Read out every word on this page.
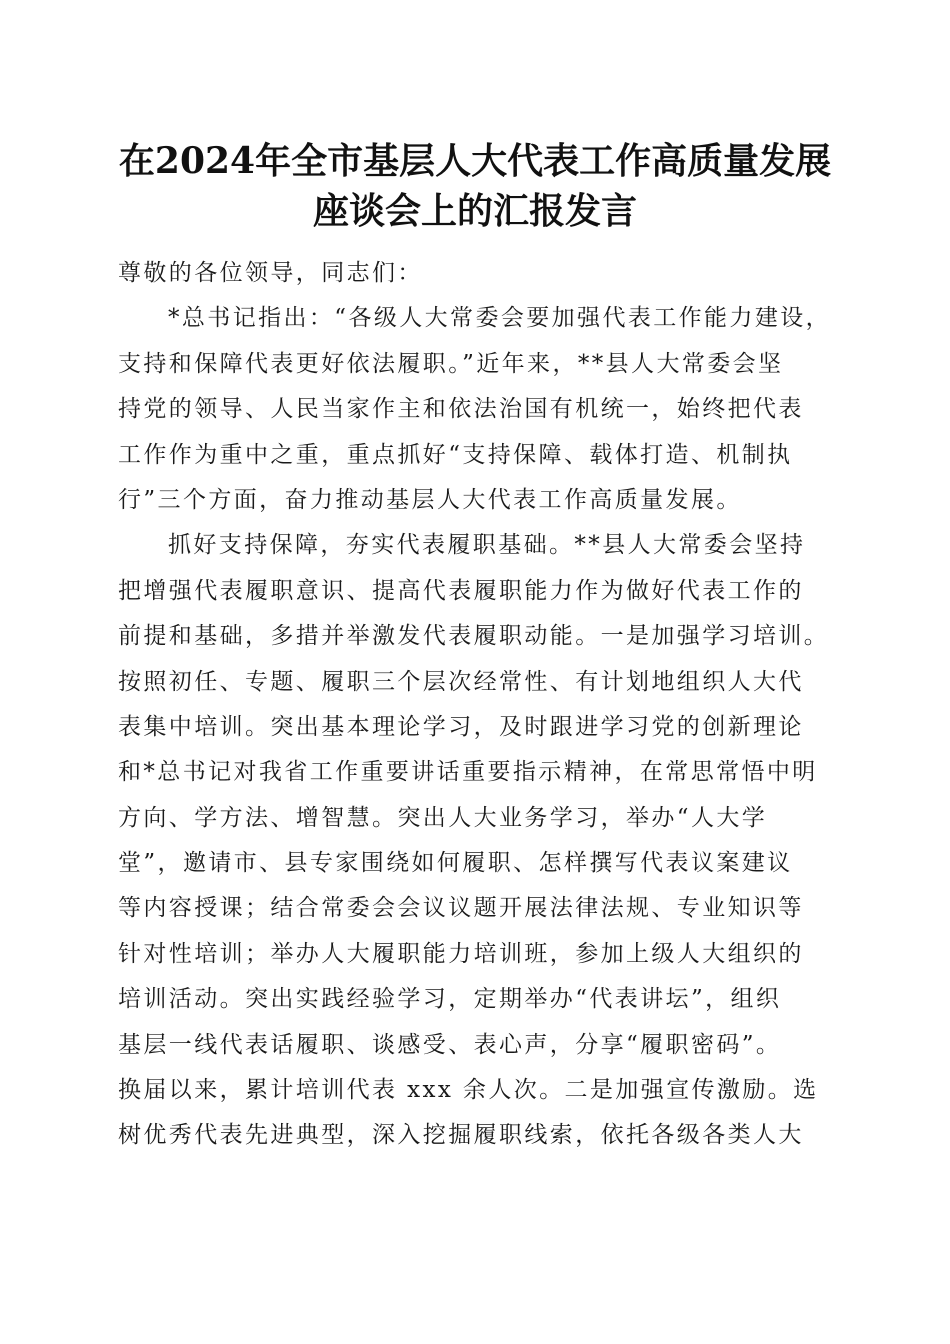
在2024年全市基层人大代表工作高质量发展
座谈会上的汇报发言
尊敬的各位领导，同志们：
*总书记指出：“各级人大常委会要加强代表工作能力建设，
支持和保障代表更好依法履职。”近年来，**县人大常委会坚
持党的领导、人民当家作主和依法治国有机统一，始终把代表
工作作为重中之重，重点抓好“支持保障、载体打造、机制执
行”三个方面，奋力推动基层人大代表工作高质量发展。
抓好支持保障，夯实代表履职基础。**县人大常委会坚持
把增强代表履职意识、提高代表履职能力作为做好代表工作的
前提和基础，多措并举激发代表履职动能。一是加强学习培训。
按照初任、专题、履职三个层次经常性、有计划地组织人大代
表集中培训。突出基本理论学习，及时跟进学习党的创新理论
和*总书记对我省工作重要讲话重要指示精神，在常思常悟中明
方向、学方法、增智慧。突出人大业务学习，举办“人大学
堂”，邀请市、县专家围绕如何履职、怎样撰写代表议案建议
等内容授课；结合常委会会议议题开展法律法规、专业知识等
针对性培训；举办人大履职能力培训班，参加上级人大组织的
培训活动。突出实践经验学习，定期举办“代表讲坛”，组织
基层一线代表话履职、谈感受、表心声，分享“履职密码”。
换届以来，累计培训代表 xxx 余人次。二是加强宣传激励。选
树优秀代表先进典型，深入挖掘履职线索，依托各级各类人大
